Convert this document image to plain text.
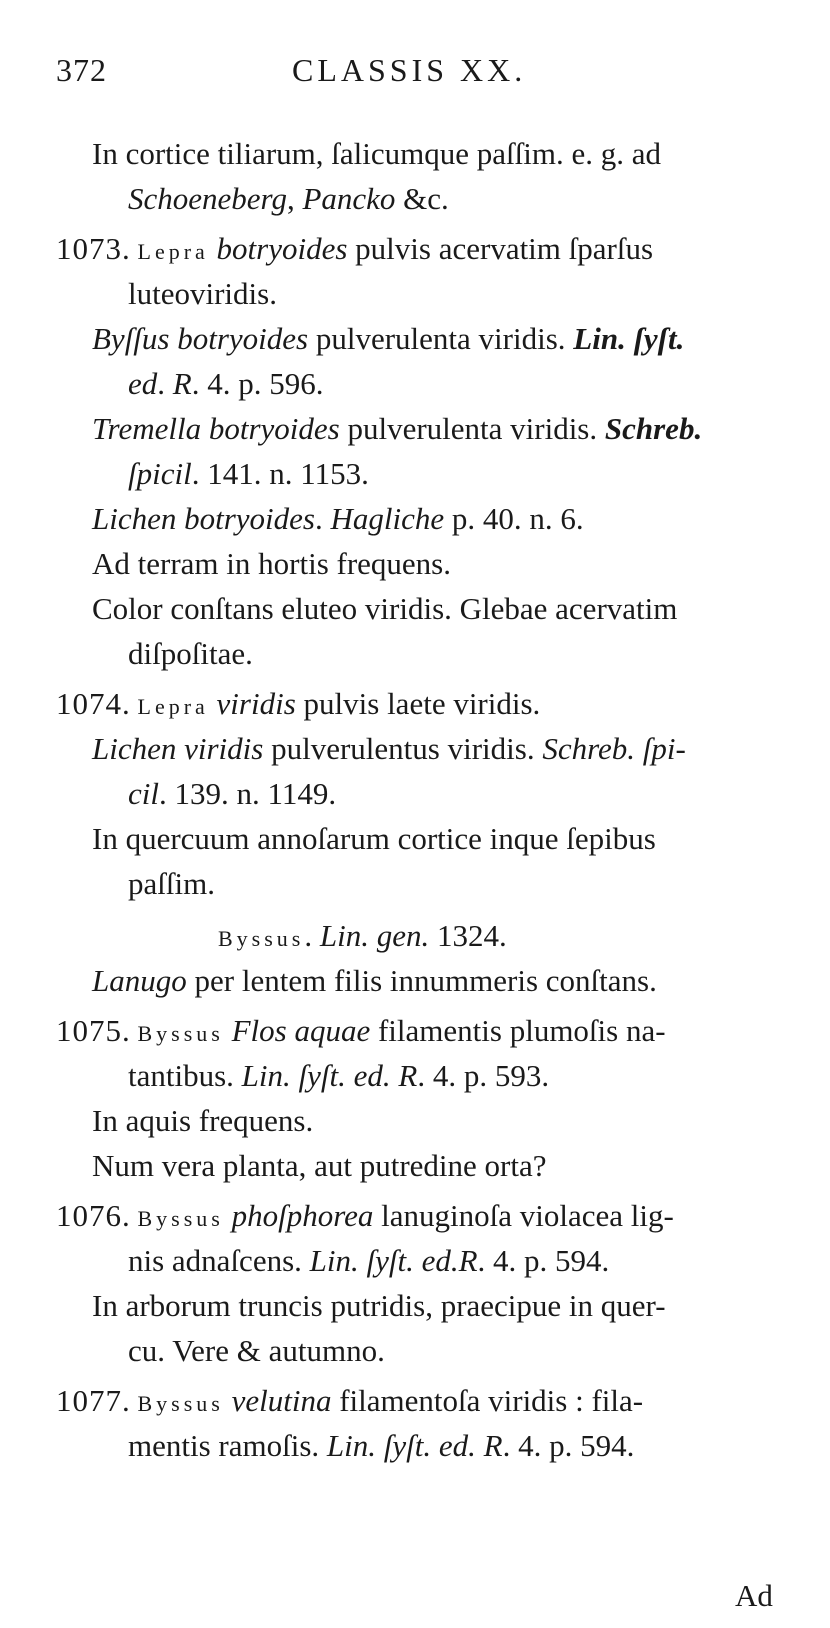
372	CLASSIS XX.
In cortice tiliarum, ſalicumque paſſim. e. g. ad
Schoeneberg, Pancko &c.
1073. Lepra botryoides pulvis acervatim ſparſus
luteoviridis.
Byſſus botryoides pulverulenta viridis. Lin. ſyſt.
ed. R. 4. p. 596.
Tremella botryoides pulverulenta viridis. Schreb.
ſpicil. 141. n. 1153.
Lichen botryoides. Hagliche p. 40. n. 6.
Ad terram in hortis frequens.
Color conſtans eluteo viridis. Glebae acervatim
diſpoſitae.
1074. Lepra viridis pulvis laete viridis.
Lichen viridis pulverulentus viridis. Schreb. ſpi-
cil. 139. n. 1149.
In quercuum annoſarum cortice inque ſepibus
paſſim.
Byssus. Lin. gen. 1324.
Lanugo per lentem filis innummeris conſtans.
1075. Byssus Flos aquae filamentis plumoſis na-
tantibus. Lin. ſyſt. ed. R. 4. p. 593.
In aquis frequens.
Num vera planta, aut putredine orta?
1076. Byssus phoſphorea lanuginoſa violacea lig-
nis adnaſcens. Lin. ſyſt. ed.R. 4. p. 594.
In arborum truncis putridis, praecipue in quer-
cu. Vere & autumno.
1077. Byssus velutina filamentoſa viridis : fila-
mentis ramoſis. Lin. ſyſt. ed. R. 4. p. 594.
Ad
